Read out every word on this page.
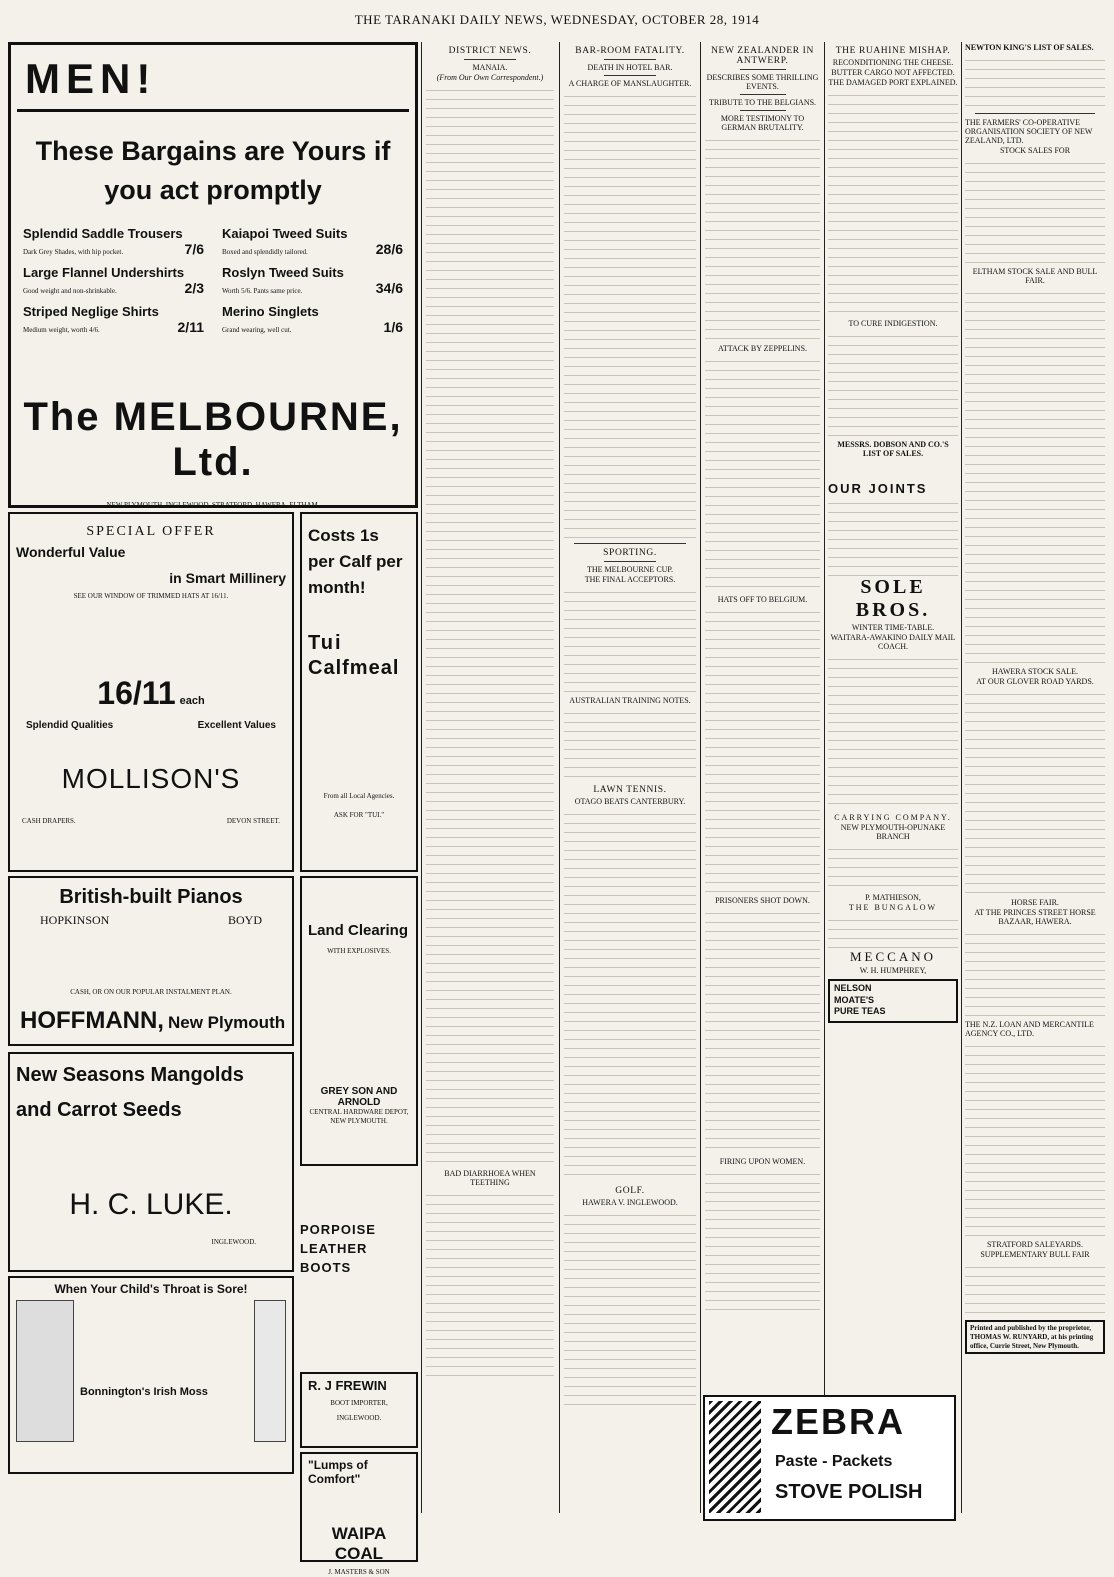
THE TARANAKI DAILY NEWS, WEDNESDAY, OCTOBER 28, 1914
MEN!
These Bargains are Yours if
you act promptly
Splendid Saddle Trousers
Dark Grey Shades, with hip pocket.	7/6
Kaiapoi Tweed Suits
Boxed and splendidly tailored.	28/6
Large Flannel Undershirts
Good weight and non-shrinkable.	2/3
Roslyn Tweed Suits
Worth 5/6. Pants same price.	34/6
Striped Neglige Shirts
Medium weight, worth 4/6.	2/11
Merino Singlets
Grand wearing, well cut.	1/6
The MELBOURNE, Ltd.
NEW PLYMOUTH, INGLEWOOD, STRATFORD, HAWERA, ELTHAM.
SPECIAL OFFER
Wonderful Value
in Smart Millinery
SEE OUR WINDOW OF TRIMMED HATS AT 16/11.
16/11 each
Splendid Qualities	Excellent Values
MOLLISON'S
CASH DRAPERS.	DEVON STREET.
Costs 1s
per Calf per
month!
Tui
Calfmeal
From all Local Agencies.
ASK FOR "TUI."
British-built Pianos
HOPKINSON	BOYD
CASH, OR ON OUR POPULAR INSTALMENT PLAN.
HOFFMANN, New Plymouth
Land Clearing
WITH EXPLOSIVES.
GREY SON AND ARNOLD
CENTRAL HARDWARE DEPOT,
NEW PLYMOUTH.
New Seasons Mangolds
and Carrot Seeds
H. C. LUKE.
INGLEWOOD.
When Your Child's Throat is Sore!
Bonnington's Irish Moss
PORPOISE
LEATHER
BOOTS
R. J FREWIN
BOOT IMPORTER,
INGLEWOOD.
"Lumps of Comfort"
WAIPA COAL
J. MASTERS & SON
DISTRICT NEWS.
MANAIA.
(From Our Own Correspondent.)
BAD DIARRHOEA WHEN TEETHING
BAR-ROOM FATALITY.
DEATH IN HOTEL BAR.
A CHARGE OF MANSLAUGHTER.
SPORTING.
THE MELBOURNE CUP.
THE FINAL ACCEPTORS.
AUSTRALIAN TRAINING NOTES.
LAWN TENNIS.
OTAGO BEATS CANTERBURY.
GOLF.
HAWERA V. INGLEWOOD.
NEW ZEALANDER IN ANTWERP.
DESCRIBES SOME THRILLING EVENTS.
TRIBUTE TO THE BELGIANS.
MORE TESTIMONY TO GERMAN BRUTALITY.
ATTACK BY ZEPPELINS.
HATS OFF TO BELGIUM.
PRISONERS SHOT DOWN.
FIRING UPON WOMEN.
THE RUAHINE MISHAP.
RECONDITIONING THE CHEESE.
BUTTER CARGO NOT AFFECTED.
THE DAMAGED PORT EXPLAINED.
TO CURE INDIGESTION.
MESSRS. DOBSON AND CO.'S LIST OF SALES.
OUR JOINTS
SOLE BROS.
WINTER TIME-TABLE.
WAITARA-AWAKINO DAILY MAIL COACH.
CARRYING COMPANY.
NEW PLYMOUTH-OPUNAKE BRANCH
P. MATHIESON,
THE BUNGALOW
MECCANO
W. H. HUMPHREY,
NELSON MOATE'S PURE TEAS
ZEBRA
Paste - Packets
STOVE POLISH
NEWTON KING'S LIST OF SALES.
THE FARMERS' CO-OPERATIVE ORGANISATION SOCIETY OF NEW ZEALAND, LTD.
STOCK SALES FOR
ELTHAM STOCK SALE AND BULL FAIR.
HAWERA STOCK SALE.
AT OUR GLOVER ROAD YARDS.
HORSE FAIR.
AT THE PRINCES STREET HORSE BAZAAR, HAWERA.
THE N.Z. LOAN AND MERCANTILE AGENCY CO., LTD.
STRATFORD SALEYARDS.
SUPPLEMENTARY BULL FAIR
Printed and published by the proprietor, THOMAS W. RUNYARD, at his printing office, Currie Street, New Plymouth.
